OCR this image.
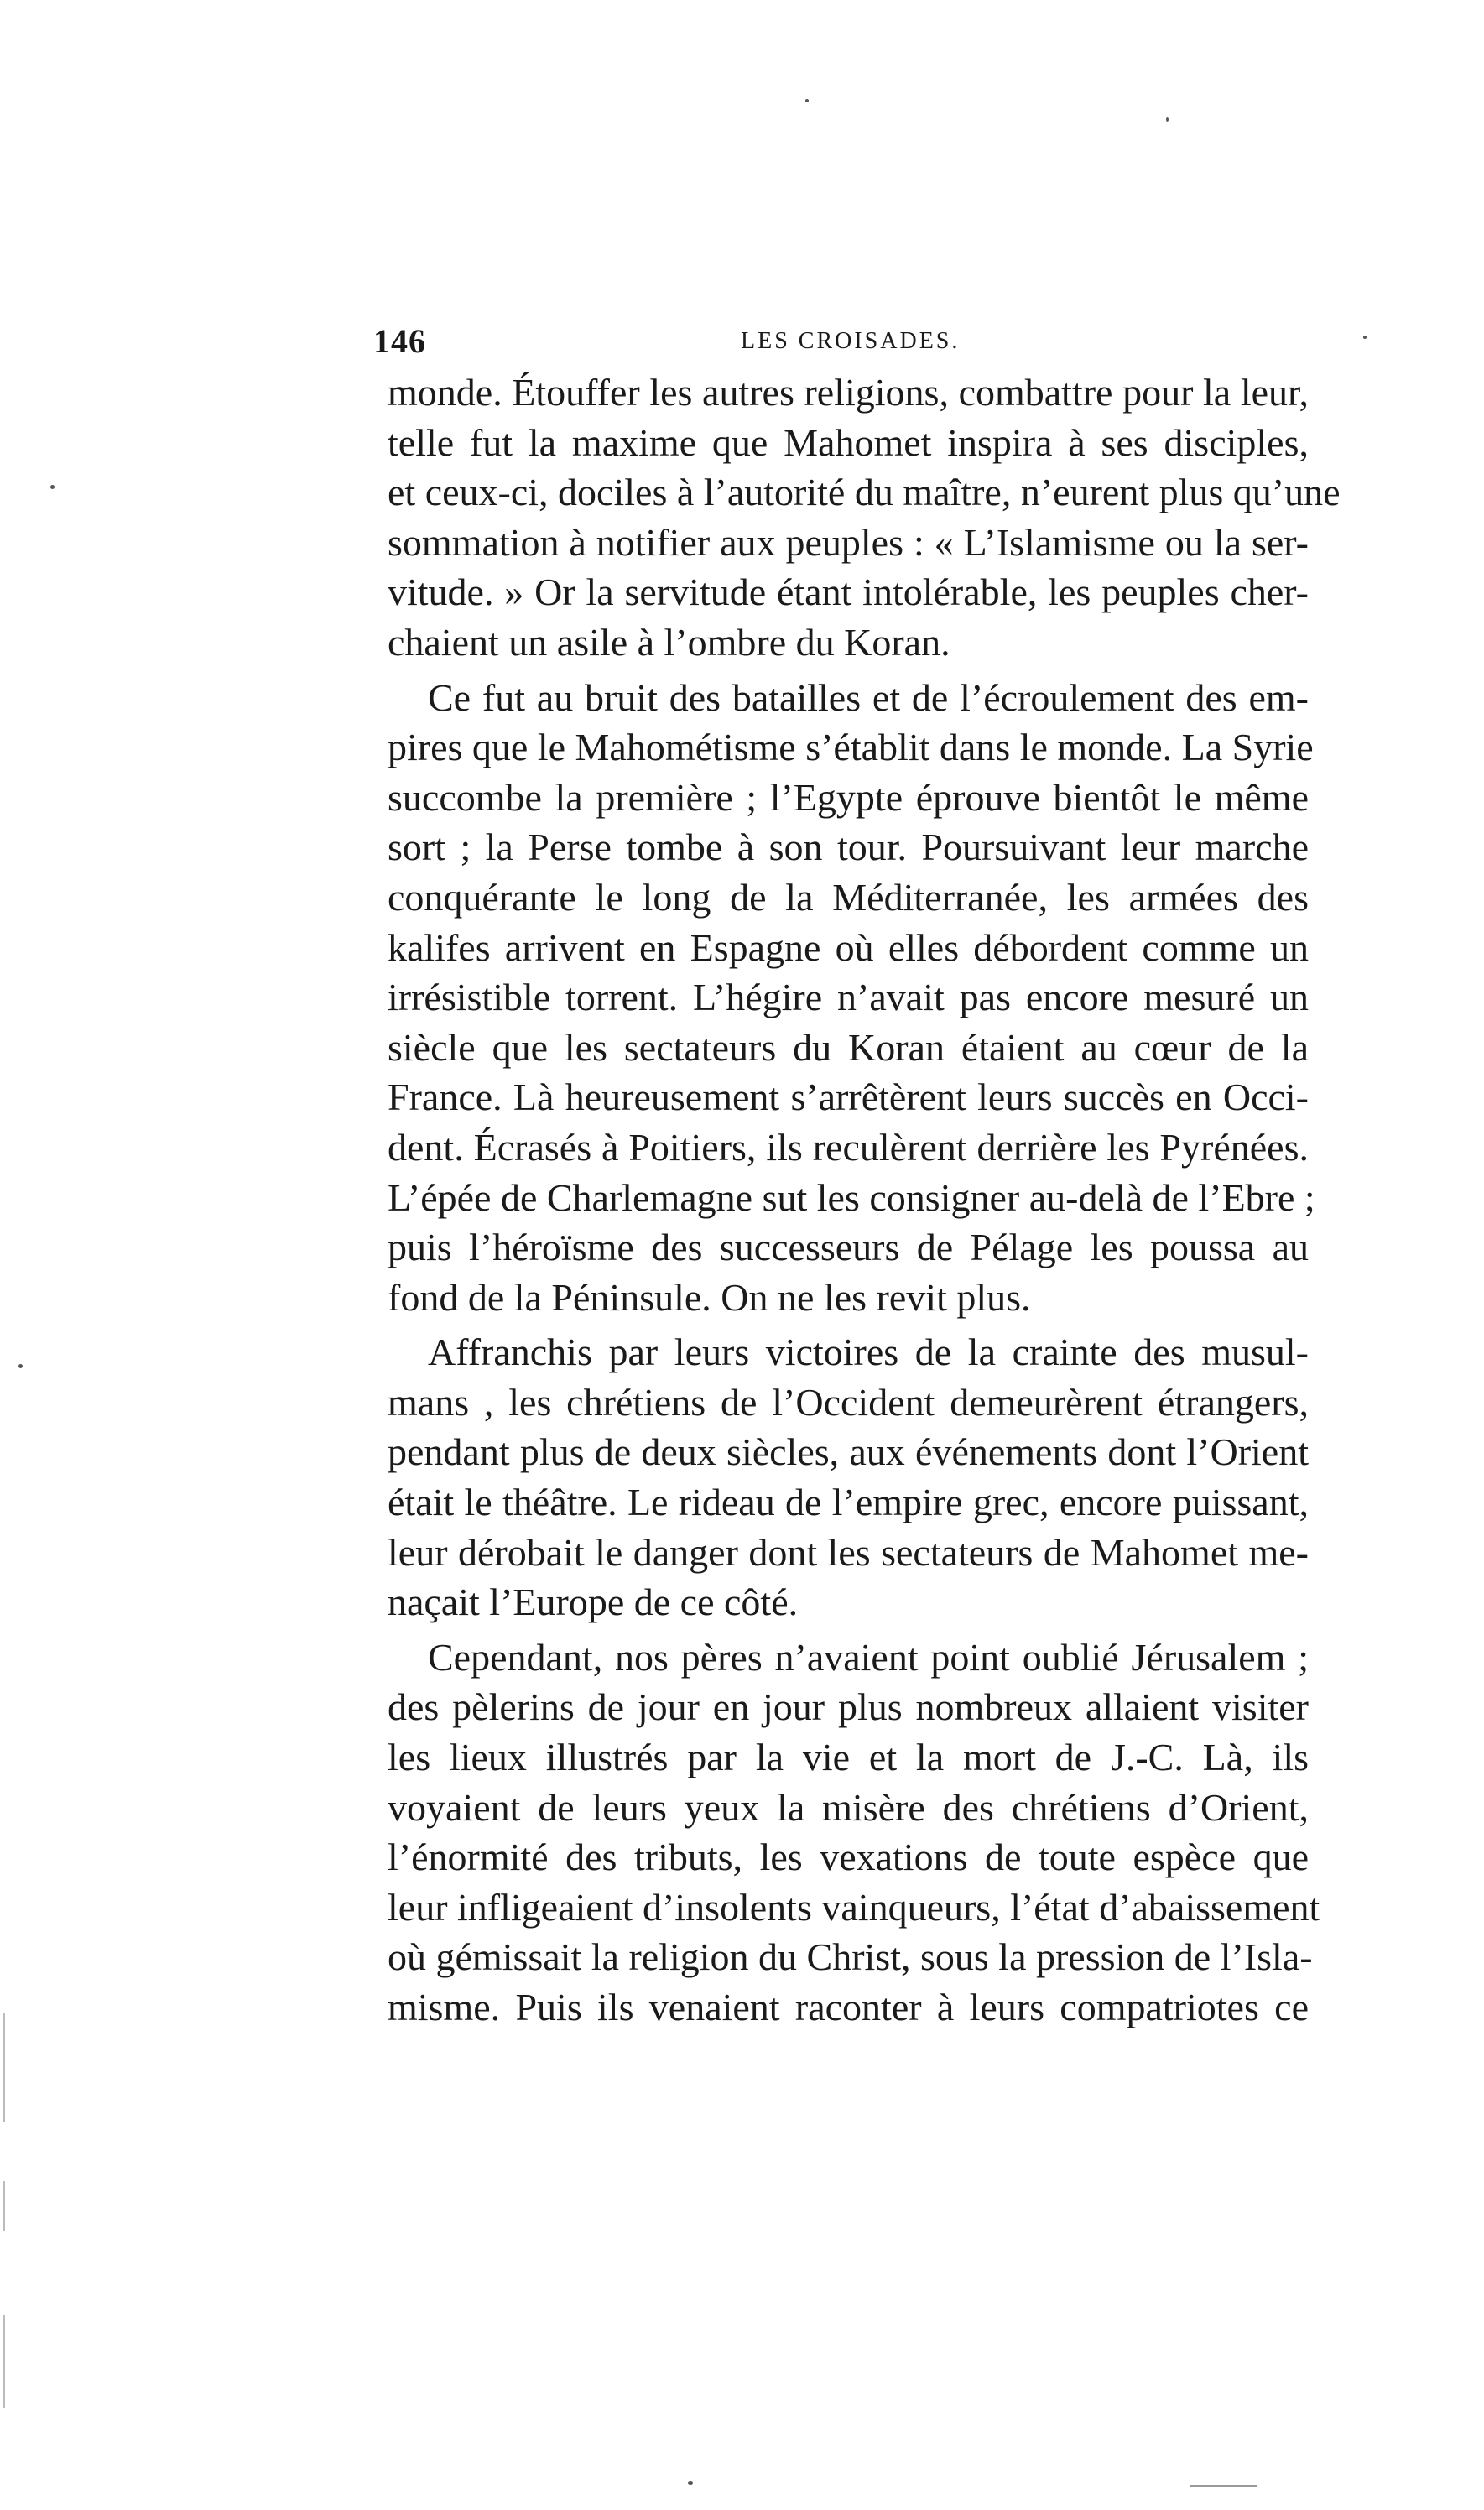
146	LES CROISADES.
monde. Étouffer les autres religions, combattre pour la leur,
telle fut la maxime que Mahomet inspira à ses disciples,
et ceux-ci, dociles à l’autorité du maître, n’eurent plus qu’une
sommation à notifier aux peuples : « L’Islamisme ou la ser-
vitude. » Or la servitude étant intolérable, les peuples cher-
chaient un asile à l’ombre du Koran.
Ce fut au bruit des batailles et de l’écroulement des em-
pires que le Mahométisme s’établit dans le monde. La Syrie
succombe la première ; l’Egypte éprouve bientôt le même
sort ; la Perse tombe à son tour. Poursuivant leur marche
conquérante le long de la Méditerranée, les armées des
kalifes arrivent en Espagne où elles débordent comme un
irrésistible torrent. L’hégire n’avait pas encore mesuré un
siècle que les sectateurs du Koran étaient au cœur de la
France. Là heureusement s’arrêtèrent leurs succès en Occi-
dent. Écrasés à Poitiers, ils reculèrent derrière les Pyrénées.
L’épée de Charlemagne sut les consigner au-delà de l’Ebre ;
puis l’héroïsme des successeurs de Pélage les poussa au
fond de la Péninsule. On ne les revit plus.
Affranchis par leurs victoires de la crainte des musul-
mans , les chrétiens de l’Occident demeurèrent étrangers,
pendant plus de deux siècles, aux événements dont l’Orient
était le théâtre. Le rideau de l’empire grec, encore puissant,
leur dérobait le danger dont les sectateurs de Mahomet me-
naçait l’Europe de ce côté.
Cependant, nos pères n’avaient point oublié Jérusalem ;
des pèlerins de jour en jour plus nombreux allaient visiter
les lieux illustrés par la vie et la mort de J.-C. Là, ils
voyaient de leurs yeux la misère des chrétiens d’Orient,
l’énormité des tributs, les vexations de toute espèce que
leur infligeaient d’insolents vainqueurs, l’état d’abaissement
où gémissait la religion du Christ, sous la pression de l’Isla-
misme. Puis ils venaient raconter à leurs compatriotes ce
